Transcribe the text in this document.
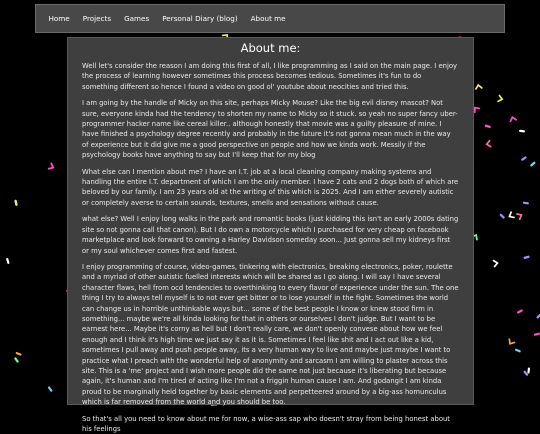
Home	Projects	Games	Personal Diary (blog)	About me
About me:

Well let's consider the reason I am doing this first of all, I like programming as I said on the main page. I enjoy the process of learning however sometimes this process becomes tedious. Sometimes it's fun to do something different so hence I found a video on good ol' youtube about neocities and tried this.

I am going by the handle of Micky on this site, perhaps Micky Mouse? Like the big evil disney mascot? Not sure, everyone kinda had the tendency to shorten my name to Micky so it stuck. so yeah no super fancy uber-programmer hacker name like cereal killer.. although honestly that movie was a guilty pleasure of mine. I have finished a psychology degree recently and probably in the future it's not gonna mean much in the way of experience but it did give me a good perspective on people and how we kinda work. Messily if the psychology books have anything to say but I'll keep that for my blog

What else can I mention about me? I have an I.T. job at a local cleaning company making systems and handling the entire I.T. department of which I am the only member. I have 2 cats and 2 dogs both of which are beloved by our family. I am 23 years old at the writing of this which is 2025. And I am either severely autistic or completely averse to certain sounds, textures, smells and sensations without cause.

what else? Well I enjoy long walks in the park and romantic books (just kidding this isn't an early 2000s dating site so not gonna call that canon). But I do own a motorcycle which I purchased for very cheap on facebook marketplace and look forward to owning a Harley Davidson someday soon... Just gonna sell my kidneys first or my soul whichever comes first and fastest.

I enjoy programming of course, video-games, tinkering with electronics, breaking electronics, poker, roulette and a myriad of other autistic fuelled interests which will be shared as I go along. I will say I have several character flaws, hell from ocd tendencies to overthinking to every flavor of experience under the sun. The one thing I try to always tell myself is to not ever get bitter or to lose yourself in the fight. Sometimes the world can change us in horrible unthinkable ways but... some of the best people I know or knew stood firm in something... maybe we're all kinda looking for that in others or ourselves I don't judge. But I want to be earnest here... Maybe it's corny as hell but I don't really care, we don't openly convese about how we feel enough and I think it's high time we just say it as it is. Sometimes I feel like shit and I act out like a kid, sometimes I pull away and push people away, its a very human way to live and maybe just maybe I want to practice what I preach with the wonderful help of anonymity and sarcasm I am willing to plaster across this site. This is a 'me' project and I wish more people did the same not just because it's liberating but because again, it's human and I'm tired of acting like I'm not a friggin human cause I am. And godangit I am kinda proud to be marginally held together by basic elements and perpetteered around by a big-ass homunculus which is far removed from the world and you should be too.

So that's all you need to know about me for now, a wise-ass sap who doesn't stray from being honest about his feelings
